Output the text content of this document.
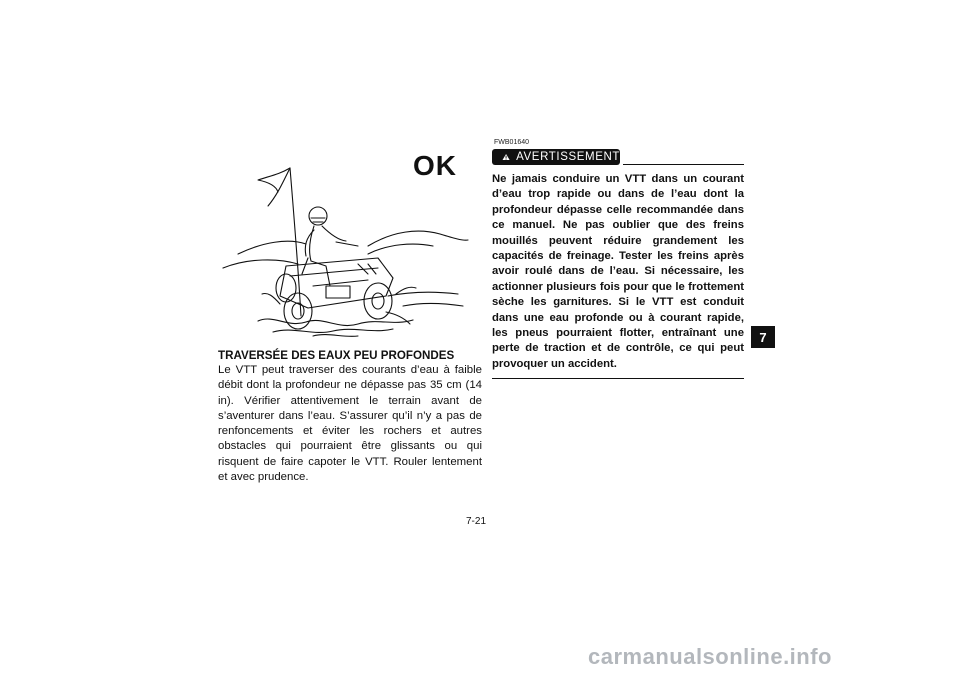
OK

TRAVERSÉE DES EAUX PEU PROFONDES

Le VTT peut traverser des courants d’eau à faible débit dont la profondeur ne dépasse pas 35 cm (14 in). Vérifier attentivement le terrain avant de s’aventurer dans l’eau. S’assurer qu’il n’y a pas de renfoncements et éviter les rochers et autres obstacles qui pourraient être glissants ou qui risquent de faire capoter le VTT. Rouler lentement et avec prudence.

FWB01640

AVERTISSEMENT

Ne jamais conduire un VTT dans un courant d’eau trop rapide ou dans de l’eau dont la profondeur dépasse celle recommandée dans ce manuel. Ne pas oublier que des freins mouillés peuvent réduire grandement les capacités de freinage. Tester les freins après avoir roulé dans de l’eau. Si nécessaire, les actionner plusieurs fois pour que le frottement sèche les garnitures. Si le VTT est conduit dans une eau profonde ou à courant rapide, les pneus pourraient flotter, entraînant une perte de traction et de contrôle, ce qui peut provoquer un accident.

7
7-21
carmanualsonline.info
